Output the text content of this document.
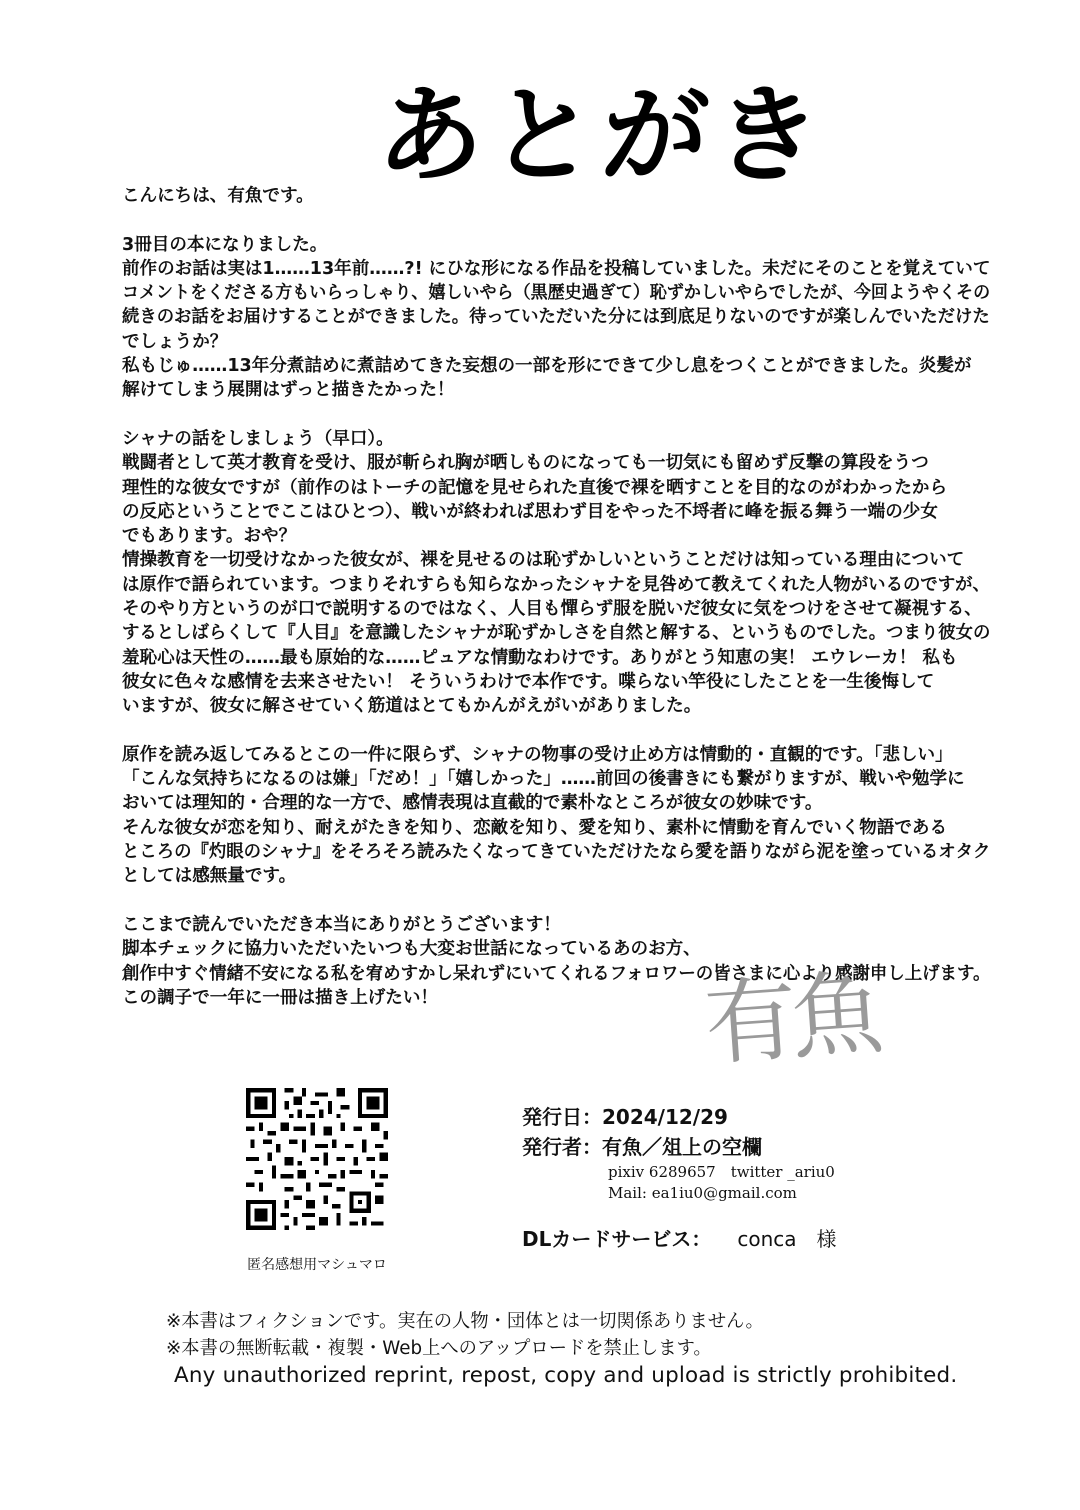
あとがき
こんにちは、有魚です。
3冊目の本になりました。
前作のお話は実は1……13年前……?! にひな形になる作品を投稿していました。未だにそのことを覚えていて
コメントをくださる方もいらっしゃり、嬉しいやら（黒歴史過ぎて）恥ずかしいやらでしたが、今回ようやくその
続きのお話をお届けすることができました。待っていただいた分には到底足りないのですが楽しんでいただけた
でしょうか？
私もじゅ……13年分煮詰めに煮詰めてきた妄想の一部を形にできて少し息をつくことができました。炎髪が
解けてしまう展開はずっと描きたかった！
シャナの話をしましょう（早口）。
戦闘者として英才教育を受け、服が斬られ胸が晒しものになっても一切気にも留めず反撃の算段をうつ
理性的な彼女ですが（前作のはトーチの記憶を見せられた直後で裸を晒すことを目的なのがわかったから
の反応ということでここはひとつ）、戦いが終われば思わず目をやった不埒者に峰を振る舞う一端の少女
でもあります。おや？
情操教育を一切受けなかった彼女が、裸を見せるのは恥ずかしいということだけは知っている理由について
は原作で語られています。つまりそれすらも知らなかったシャナを見咎めて教えてくれた人物がいるのですが、
そのやり方というのが口で説明するのではなく、人目も憚らず服を脱いだ彼女に気をつけをさせて凝視する、
するとしばらくして『人目』を意識したシャナが恥ずかしさを自然と解する、というものでした。つまり彼女の
羞恥心は天性の……最も原始的な……ピュアな情動なわけです。ありがとう知恵の実！ エウレーカ！ 私も
彼女に色々な感情を去来させたい！ そういうわけで本作です。喋らない竿役にしたことを一生後悔して
いますが、彼女に解させていく筋道はとてもかんがえがいがありました。
原作を読み返してみるとこの一件に限らず、シャナの物事の受け止め方は情動的・直観的です。「悲しい」
「こんな気持ちになるのは嫌」「だめ！」「嬉しかった」……前回の後書きにも繋がりますが、戦いや勉学に
おいては理知的・合理的な一方で、感情表現は直截的で素朴なところが彼女の妙味です。
そんな彼女が恋を知り、耐えがたきを知り、恋敵を知り、愛を知り、素朴に情動を育んでいく物語である
ところの『灼眼のシャナ』をそろそろ読みたくなってきていただけたなら愛を語りながら泥を塗っているオタク
としては感無量です。
ここまで読んでいただき本当にありがとうございます！
脚本チェックに協力いただいたいつも大変お世話になっているあのお方、
創作中すぐ情緒不安になる私を宥めすかし呆れずにいてくれるフォロワーの皆さまに心より感謝申し上げます。
この調子で一年に一冊は描き上げたい！	有魚
匿名感想用マシュマロ
発行日：2024/12/29
発行者：有魚／俎上の空欄
pixiv 6289657　twitter _ariu0
Mail: ea1iu0@gmail.com
DLカードサービス： conca　様
※本書はフィクションです。実在の人物・団体とは一切関係ありません。
※本書の無断転載・複製・Web上へのアップロードを禁止します。
Any unauthorized reprint, repost, copy and upload is strictly prohibited.
